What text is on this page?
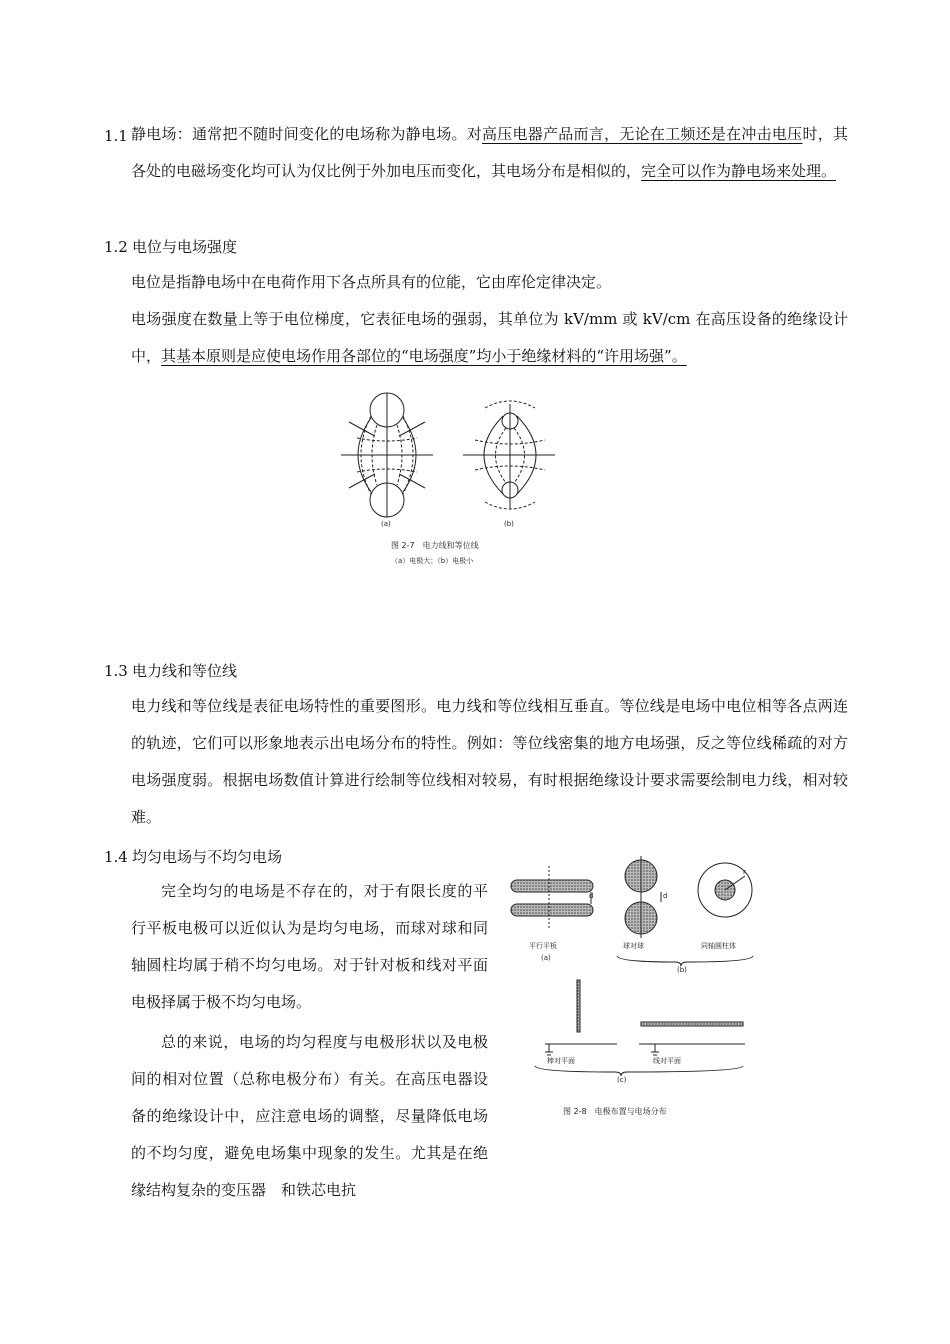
1.1 静电场：通常把不随时间变化的电场称为静电场。对高压电器产品而言，无论在工频还是在冲击电压时，其各处的电磁场变化均可认为仅比例于外加电压而变化，其电场分布是相似的，完全可以作为静电场来处理。
1.2 电位与电场强度
电位是指静电场中在电荷作用下各点所具有的位能，它由库伦定律决定。
电场强度在数量上等于电位梯度，它表征电场的强弱，其单位为 kV/mm 或 kV/cm 在高压设备的绝缘设计中，其基本原则是应使电场作用各部位的“电场强度”均小于绝缘材料的“许用场强”。
(a)	(b)
图 2-7　电力线和等位线
（a）电极大；（b）电极小
1.3 电力线和等位线
电力线和等位线是表征电场特性的重要图形。电力线和等位线相互垂直。等位线是电场中电位相等各点两连的轨迹，它们可以形象地表示出电场分布的特性。例如：等位线密集的地方电场强，反之等位线稀疏的对方电场强度弱。根据电场数值计算进行绘制等位线相对较易，有时根据绝缘设计要求需要绘制电力线，相对较难。
1.4 均匀电场与不均匀电场
完全均匀的电场是不存在的，对于有限长度的平行平板电极可以近似认为是均匀电场，而球对球和同轴圆柱均属于稍不均匀电场。对于针对板和线对平面电极择属于极不均匀电场。
总的来说，电场的均匀程度与电极形状以及电极间的相对位置（总称电极分布）有关。在高压电器设备的绝缘设计中，应注意电场的调整，尽量降低电场的不均匀度，避免电场集中现象的发生。尤其是在绝缘结构复杂的变压器　和铁芯电抗
d	d
r
平行平板	球对球	同轴圆柱体
(a)
(b)
棒对平面	线对平面
(c)
图 2-8　电极布置与电场分布
